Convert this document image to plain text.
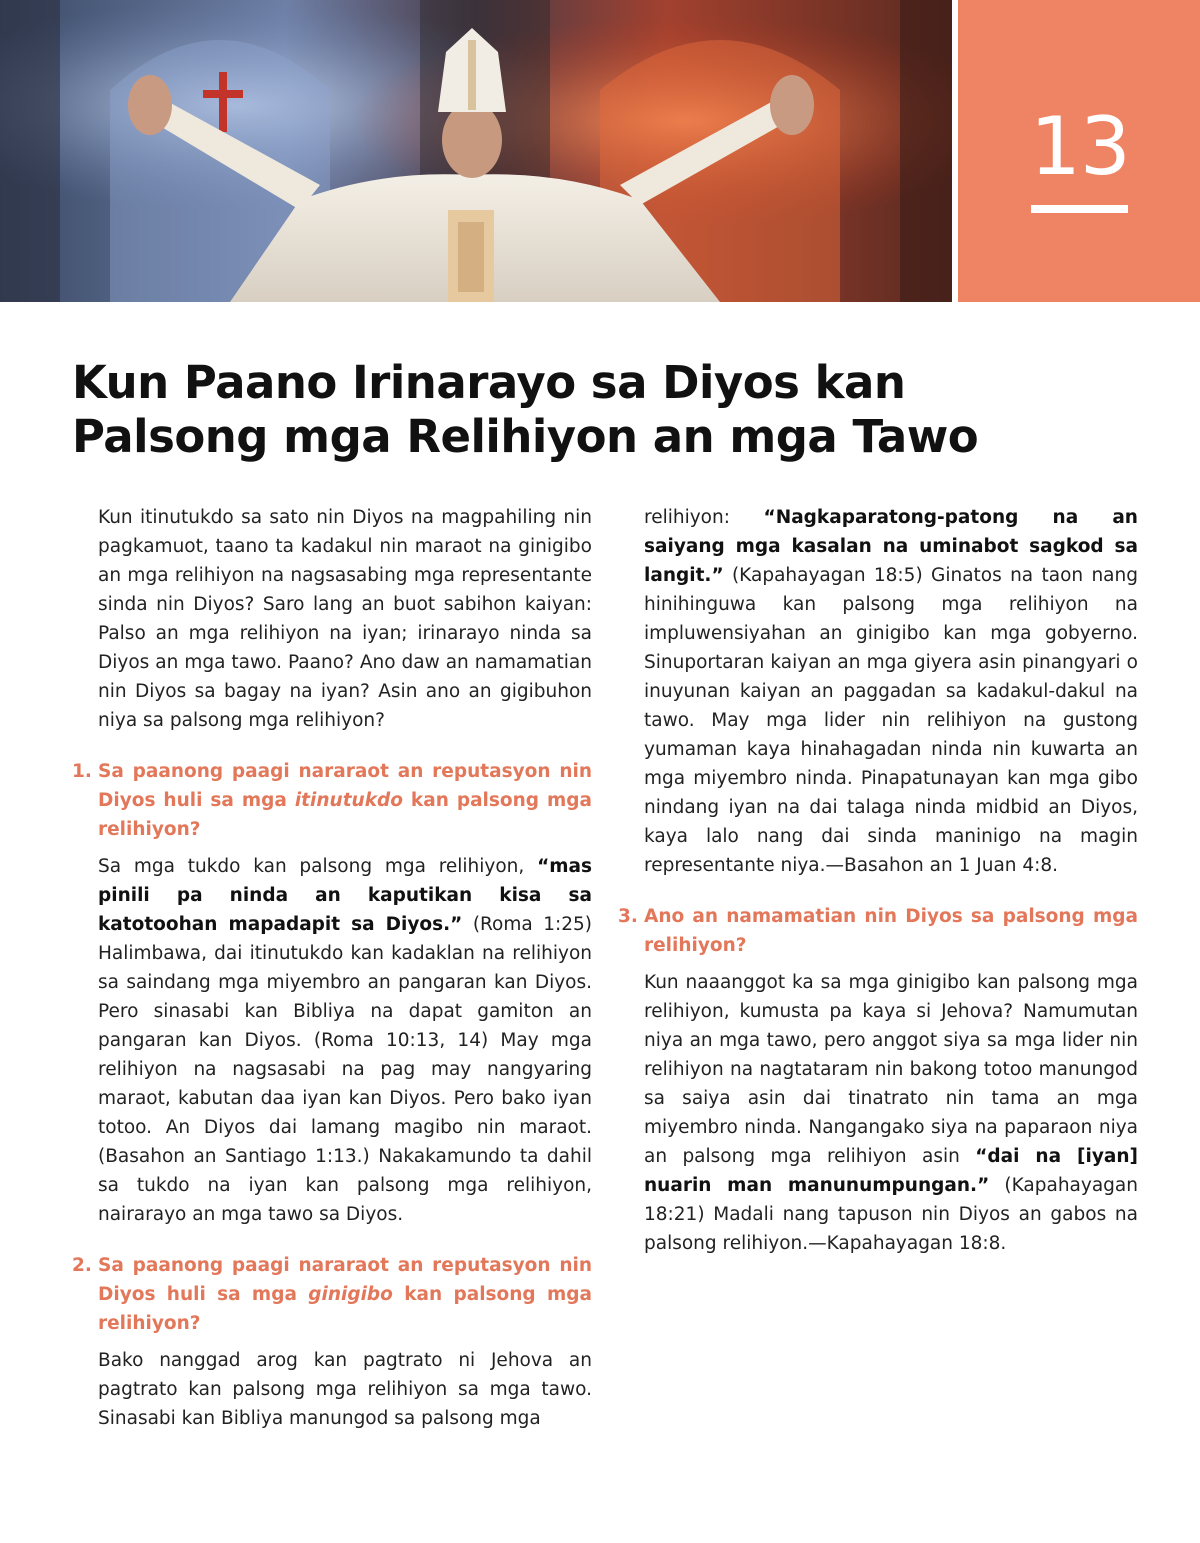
13
Kun Paano Irinarayo sa Diyos kan
Palsong mga Relihiyon an mga Tawo

Kun itinutukdo sa sato nin Diyos na magpahiling nin pagkamuot, taano ta kadakul nin maraot na ginigibo an mga relihiyon na nagsasabing mga representante sinda nin Diyos? Saro lang an buot sabihon kaiyan: Palso an mga relihiyon na iyan; irinarayo ninda sa Diyos an mga tawo. Paano? Ano daw an namamatian nin Diyos sa bagay na iyan? Asin ano an gigibuhon niya sa palsong mga relihiyon?

1. Sa paanong paagi nararaot an reputasyon nin Diyos huli sa mga itinutukdo kan palsong mga relihiyon?

Sa mga tukdo kan palsong mga relihiyon, “mas pinili pa ninda an kaputikan kisa sa katotoohan mapadapit sa Diyos.” (Roma 1:25) Halimbawa, dai itinutukdo kan kadaklan na relihiyon sa saindang mga miyembro an pangaran kan Diyos. Pero sinasabi kan Bibliya na dapat gamiton an pangaran kan Diyos. (Roma 10:13, 14) May mga relihiyon na nagsasabi na pag may nangyaring maraot, kabutan daa iyan kan Diyos. Pero bako iyan totoo. An Diyos dai lamang magibo nin maraot. (Basahon an Santiago 1:13.) Nakakamundo ta dahil sa tukdo na iyan kan palsong mga relihiyon, nairarayo an mga tawo sa Diyos.

2. Sa paanong paagi nararaot an reputasyon nin Diyos huli sa mga ginigibo kan palsong mga relihiyon?

Bako nanggad arog kan pagtrato ni Jehova an pagtrato kan palsong mga relihiyon sa mga tawo. Sinasabi kan Bibliya manungod sa palsong mga

relihiyon: “Nagkaparatong-patong na an saiyang mga kasalan na uminabot sagkod sa langit.” (Kapahayagan 18:5) Ginatos na taon nang hinihinguwa kan palsong mga relihiyon na impluwensiyahan an ginigibo kan mga gobyerno. Sinuportaran kaiyan an mga giyera asin pinangyari o inuyunan kaiyan an paggadan sa kadakul-dakul na tawo. May mga lider nin relihiyon na gustong yumaman kaya hinahagadan ninda nin kuwarta an mga miyembro ninda. Pinapatunayan kan mga gibo nindang iyan na dai talaga ninda midbid an Diyos, kaya lalo nang dai sinda maninigo na magin representante niya.—Basahon an 1 Juan 4:8.

3. Ano an namamatian nin Diyos sa palsong mga relihiyon?

Kun naaanggot ka sa mga ginigibo kan palsong mga relihiyon, kumusta pa kaya si Jehova? Namumutan niya an mga tawo, pero anggot siya sa mga lider nin relihiyon na nagtataram nin bakong totoo manungod sa saiya asin dai tinatrato nin tama an mga miyembro ninda. Nangangako siya na paparaon niya an palsong mga relihiyon asin “dai na [iyan] nuarin man manunumpungan.” (Kapahayagan 18:21) Madali nang tapuson nin Diyos an gabos na palsong relihiyon.—Kapahayagan 18:8.
